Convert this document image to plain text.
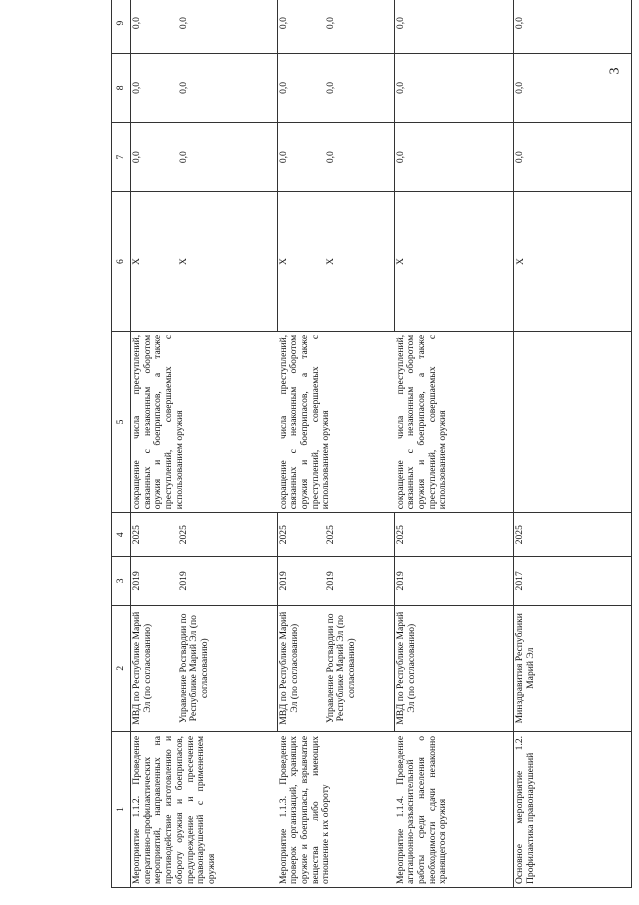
3
1	2	3	4	5	6	7	8	9	
Мероприятие 1.1.2. Проведение оперативно-профилактических мероприятий, направленных на противодействие изготовлению и обороту оружия и боеприпасов, предупреждение и пресечение правонарушений с применением оружия	МВД по Республике Марий Эл (по согласованию)	2019	2025	сокращение числа преступлений, связанных с незаконным оборотом оружия и боеприпасов, а также преступлений, совершаемых с использованием оружия	X	0,0	0,0	0,0	
	Управление Росгвардии по Республике Марий Эл (по согласованию)	2019	2025		X	0,0	0,0	0,0	
Мероприятие 1.1.3. Проведение проверок организаций, хранящих оружие и боеприпасы, взрывчатые вещества либо имеющих отношение к их обороту	МВД по Республике Марий Эл (по согласованию)	2019	2025	сокращение числа преступлений, связанных с незаконным оборотом оружия и боеприпасов, а также преступлений, совершаемых с использованием оружия	X	0,0	0,0	0,0	
	Управление Росгвардии по Республике Марий Эл (по согласованию)	2019	2025		X	0,0	0,0	0,0	
Мероприятие 1.1.4. Проведение агитационно-разъяснительной работы среди населения о необходимости сдачи незаконно хранящегося оружия	МВД по Республике Марий Эл (по согласованию)	2019	2025	сокращение числа преступлений, связанных с незаконным оборотом оружия и боеприпасов, а также преступлений, совершаемых с использованием оружия	X	0,0	0,0	0,0	
Основное мероприятие 1.2. Профилактика правонарушений	Минздравития Республики Марий Эл	2017	2025		X	0,0	0,0	0,0	
